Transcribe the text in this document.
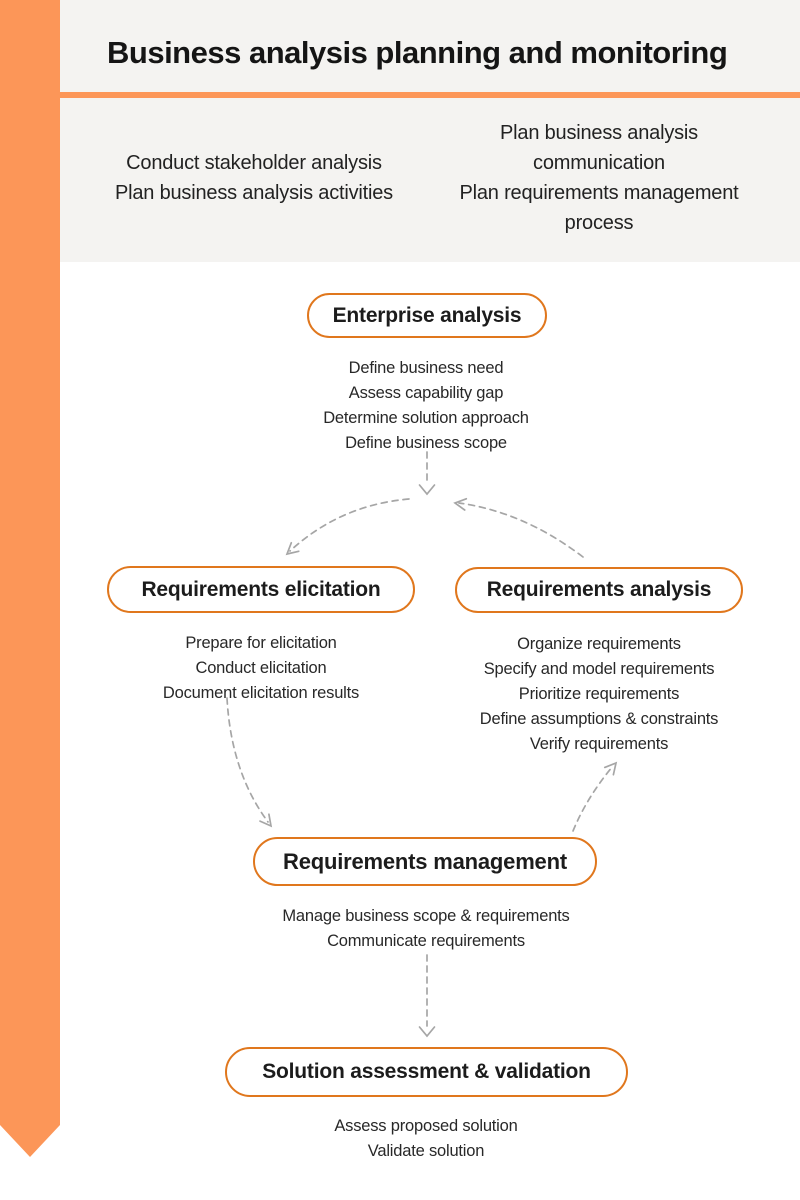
Business analysis planning and monitoring
Conduct stakeholder analysis
Plan business analysis activities
Plan business analysis communication
Plan requirements management process
Enterprise analysis
Define business need
Assess capability gap
Determine solution approach
Define business scope
Requirements elicitation
Prepare for elicitation
Conduct elicitation
Document elicitation results
Requirements analysis
Organize requirements
Specify and model requirements
Prioritize requirements
Define assumptions & constraints
Verify requirements
Requirements management
Manage business scope & requirements
Communicate requirements
Solution assessment & validation
Assess proposed solution
Validate solution
